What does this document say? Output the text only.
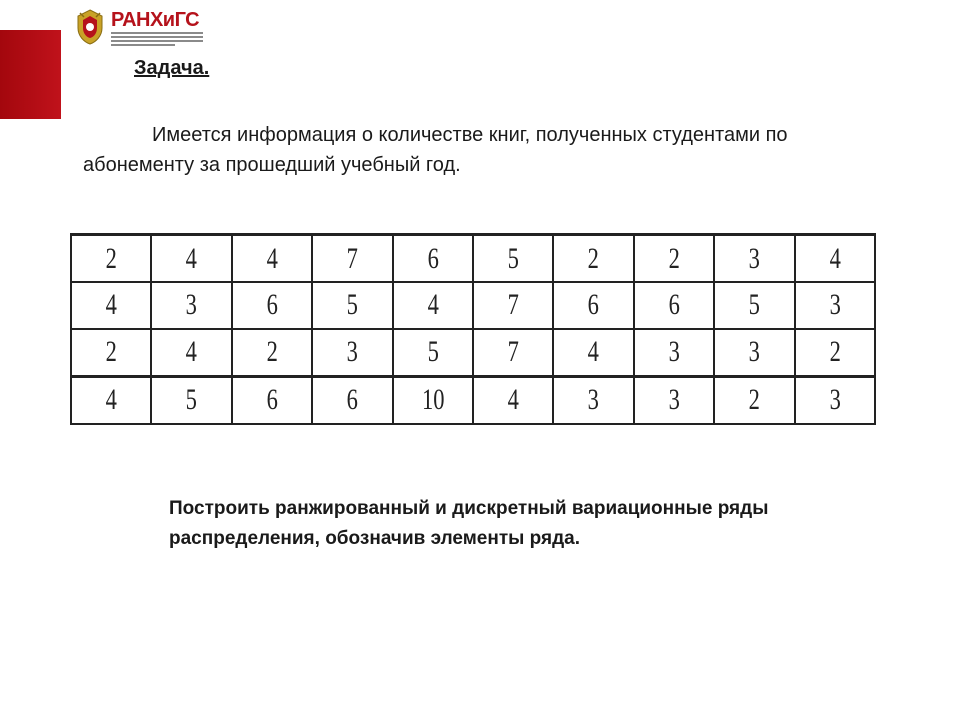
РАНХиГС
Задача.
Имеется информация о количестве книг, полученных студентами по абонементу за прошедший учебный год.
2	4	4	7	6	5	2	2	3	4
4	3	6	5	4	7	6	6	5	3
2	4	2	3	5	7	4	3	3	2
4	5	6	6	10	4	3	3	2	3
Построить ранжированный и дискретный вариационные ряды
распределения, обозначив элементы ряда.
